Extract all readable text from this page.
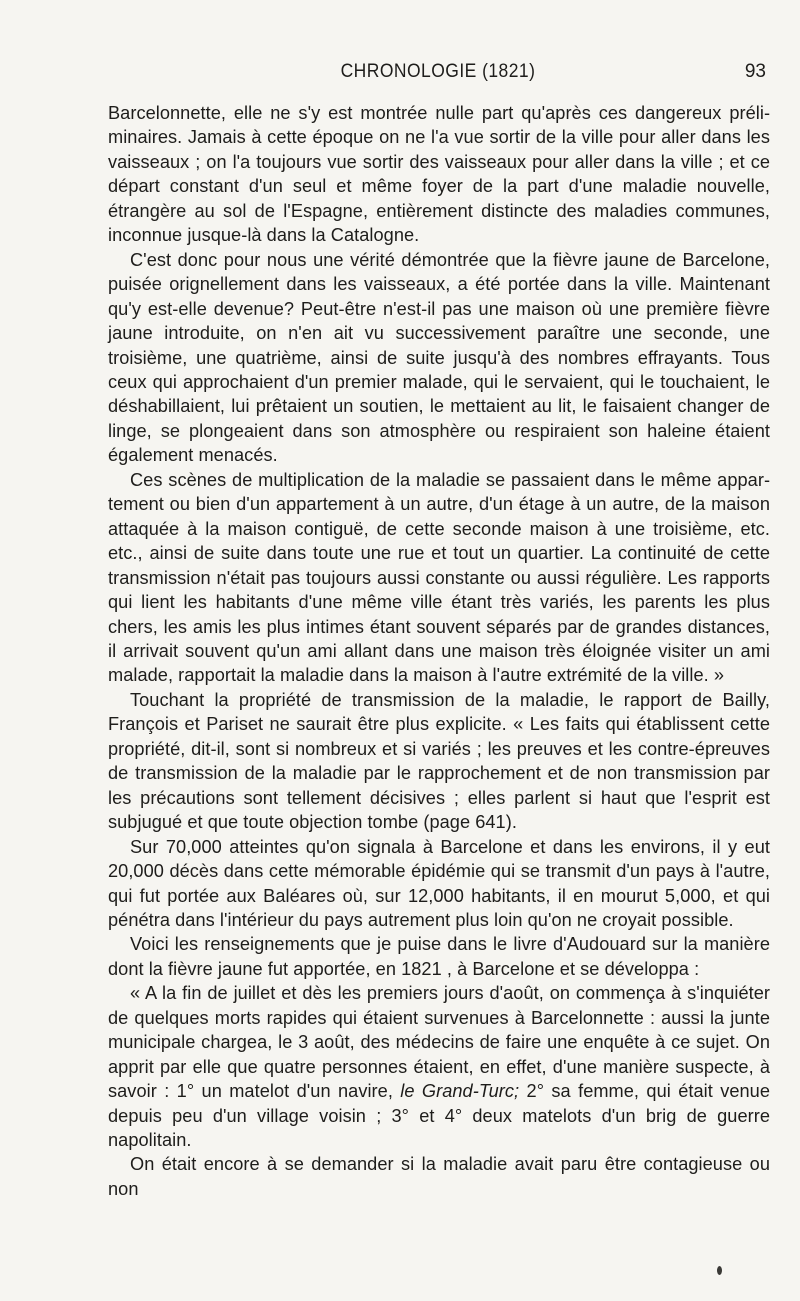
CHRONOLOGIE (1821)	93

Barcelonnette, elle ne s'y est montrée nulle part qu'après ces dangereux préliminaires. Jamais à cette époque on ne l'a vue sortir de la ville pour aller dans les vaisseaux ; on l'a toujours vue sortir des vaisseaux pour aller dans la ville ; et ce départ constant d'un seul et même foyer de la part d'une maladie nouvelle, étrangère au sol de l'Espagne, entièrement distincte des maladies communes, inconnue jusque-là dans la Catalogne.

C'est donc pour nous une vérité démontrée que la fièvre jaune de Barcelone, puisée orignellement dans les vaisseaux, a été portée dans la ville. Maintenant qu'y est-elle devenue? Peut-être n'est-il pas une maison où une première fièvre jaune introduite, on n'en ait vu successivement paraître une seconde, une troisième, une quatrième, ainsi de suite jusqu'à des nombres effrayants. Tous ceux qui approchaient d'un premier malade, qui le servaient, qui le touchaient, le déshabillaient, lui prêtaient un soutien, le mettaient au lit, le faisaient changer de linge, se plongeaient dans son atmosphère ou respiraient son haleine étaient également menacés.

Ces scènes de multiplication de la maladie se passaient dans le même appartement ou bien d'un appartement à un autre, d'un étage à un autre, de la maison attaquée à la maison contiguë, de cette seconde maison à une troisième, etc. etc., ainsi de suite dans toute une rue et tout un quartier. La continuité de cette transmission n'était pas toujours aussi constante ou aussi régulière. Les rapports qui lient les habitants d'une même ville étant très variés, les parents les plus chers, les amis les plus intimes étant souvent séparés par de grandes distances, il arrivait souvent qu'un ami allant dans une maison très éloignée visiter un ami malade, rapportait la maladie dans la maison à l'autre extrémité de la ville. »

Touchant la propriété de transmission de la maladie, le rapport de Bailly, François et Pariset ne saurait être plus explicite. « Les faits qui établissent cette propriété, dit-il, sont si nombreux et si variés ; les preuves et les contre-épreuves de transmission de la maladie par le rapprochement et de non transmission par les précautions sont tellement décisives ; elles parlent si haut que l'esprit est subjugué et que toute objection tombe (page 641).

Sur 70,000 atteintes qu'on signala à Barcelone et dans les environs, il y eut 20,000 décès dans cette mémorable épidémie qui se transmit d'un pays à l'autre, qui fut portée aux Baléares où, sur 12,000 habitants, il en mourut 5,000, et qui pénétra dans l'intérieur du pays autrement plus loin qu'on ne croyait possible.

Voici les renseignements que je puise dans le livre d'Audouard sur la manière dont la fièvre jaune fut apportée, en 1821 , à Barcelone et se développa :

« A la fin de juillet et dès les premiers jours d'août, on commença à s'inquiéter de quelques morts rapides qui étaient survenues à Barcelonnette : aussi la junte municipale chargea, le 3 août, des médecins de faire une enquête à ce sujet. On apprit par elle que quatre personnes étaient, en effet, d'une manière suspecte, à savoir : 1° un matelot d'un navire, le Grand-Turc; 2° sa femme, qui était venue depuis peu d'un village voisin ; 3° et 4° deux matelots d'un brig de guerre napolitain.

On était encore à se demander si la maladie avait paru être contagieuse ou non
